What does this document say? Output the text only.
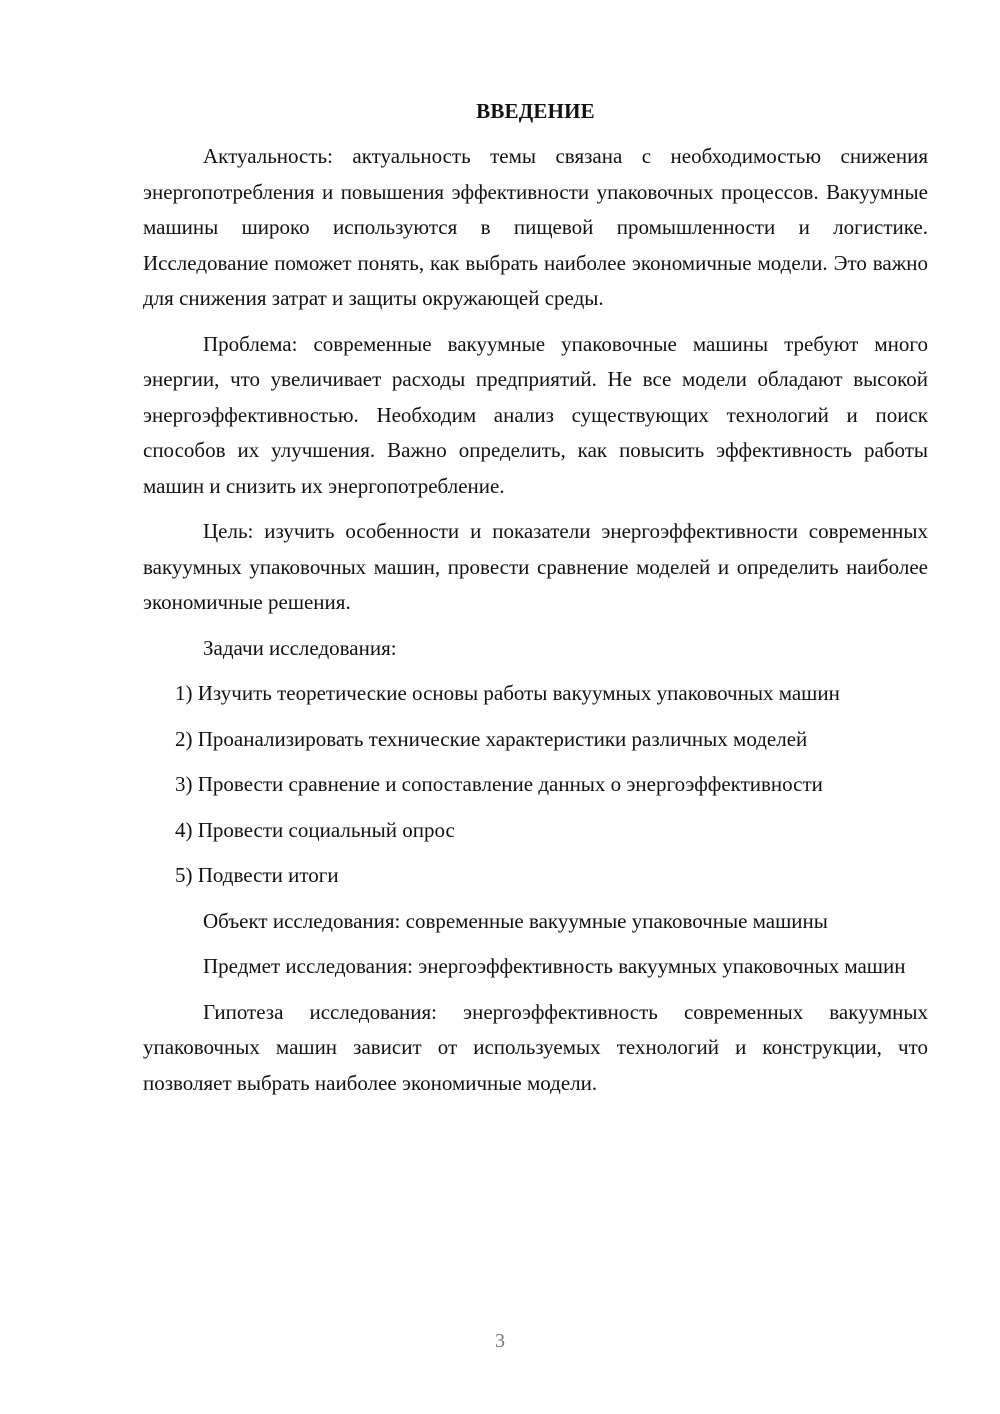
ВВЕДЕНИЕ

Актуальность: актуальность темы связана с необходимостью снижения энергопотребления и повышения эффективности упаковочных процессов. Вакуумные машины широко используются в пищевой промышленности и логистике. Исследование поможет понять, как выбрать наиболее экономичные модели. Это важно для снижения затрат и защиты окружающей среды.

Проблема: современные вакуумные упаковочные машины требуют много энергии, что увеличивает расходы предприятий. Не все модели обладают высокой энергоэффективностью. Необходим анализ существующих технологий и поиск способов их улучшения. Важно определить, как повысить эффективность работы машин и снизить их энергопотребление.

Цель: изучить особенности и показатели энергоэффективности современных вакуумных упаковочных машин, провести сравнение моделей и определить наиболее экономичные решения.

Задачи исследования:

1) Изучить теоретические основы работы вакуумных упаковочных машин

2) Проанализировать технические характеристики различных моделей

3) Провести сравнение и сопоставление данных о энергоэффективности

4) Провести социальный опрос

5) Подвести итоги

Объект исследования: современные вакуумные упаковочные машины

Предмет исследования: энергоэффективность вакуумных упаковочных машин

Гипотеза исследования: энергоэффективность современных вакуумных упаковочных машин зависит от используемых технологий и конструкции, что позволяет выбрать наиболее экономичные модели.

3
